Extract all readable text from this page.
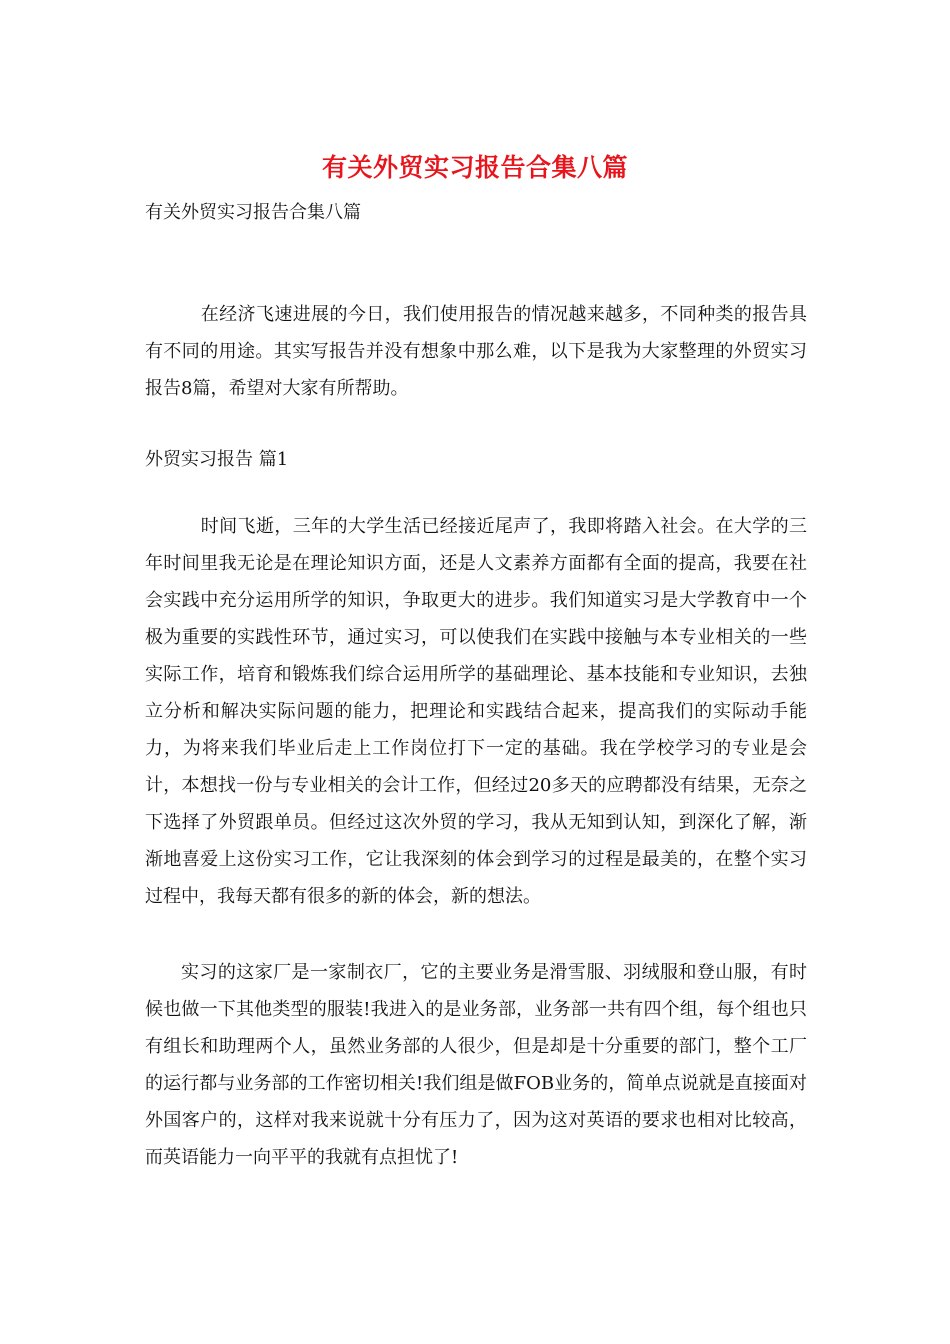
有关外贸实习报告合集八篇
有关外贸实习报告合集八篇

在经济飞速进展的今日，我们使用报告的情况越来越多，不同种类的报告具有不同的用途。其实写报告并没有想象中那么难，以下是我为大家整理的外贸实习报告8篇，希望对大家有所帮助。

外贸实习报告 篇1

时间飞逝，三年的大学生活已经接近尾声了，我即将踏入社会。在大学的三年时间里我无论是在理论知识方面，还是人文素养方面都有全面的提高，我要在社会实践中充分运用所学的知识，争取更大的进步。我们知道实习是大学教育中一个极为重要的实践性环节，通过实习，可以使我们在实践中接触与本专业相关的一些实际工作，培育和锻炼我们综合运用所学的基础理论、基本技能和专业知识，去独立分析和解决实际问题的能力，把理论和实践结合起来，提高我们的实际动手能力，为将来我们毕业后走上工作岗位打下一定的基础。我在学校学习的专业是会计，本想找一份与专业相关的会计工作，但经过20多天的应聘都没有结果，无奈之下选择了外贸跟单员。但经过这次外贸的学习，我从无知到认知，到深化了解，渐渐地喜爱上这份实习工作，它让我深刻的体会到学习的过程是最美的，在整个实习过程中，我每天都有很多的新的体会，新的想法。

实习的这家厂是一家制衣厂，它的主要业务是滑雪服、羽绒服和登山服，有时候也做一下其他类型的服装!我进入的是业务部，业务部一共有四个组，每个组也只有组长和助理两个人，虽然业务部的人很少，但是却是十分重要的部门，整个工厂的运行都与业务部的工作密切相关!我们组是做FOB业务的，简单点说就是直接面对外国客户的，这样对我来说就十分有压力了，因为这对英语的要求也相对比较高，而英语能力一向平平的我就有点担忧了!
